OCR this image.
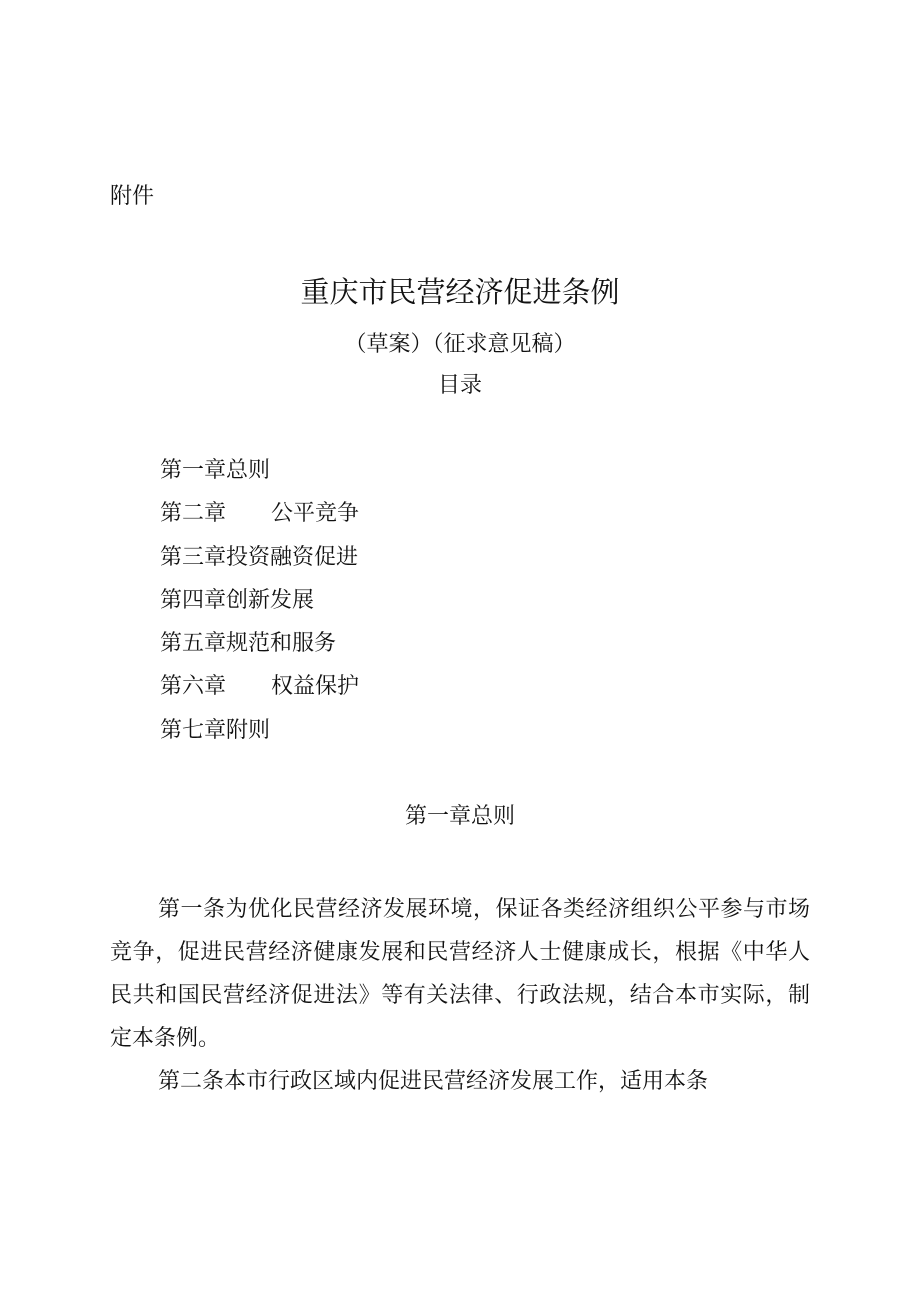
附件
重庆市民营经济促进条例
（草案）（征求意见稿）
目录
第一章总则
第二章 公平竞争
第三章投资融资促进
第四章创新发展
第五章规范和服务
第六章 权益保护
第七章附则
第一章总则

第一条为优化民营经济发展环境，保证各类经济组织公平参与市场竞争，促进民营经济健康发展和民营经济人士健康成长，根据《中华人民共和国民营经济促进法》等有关法律、行政法规，结合本市实际，制定本条例。

第二条本市行政区域内促进民营经济发展工作，适用本条
